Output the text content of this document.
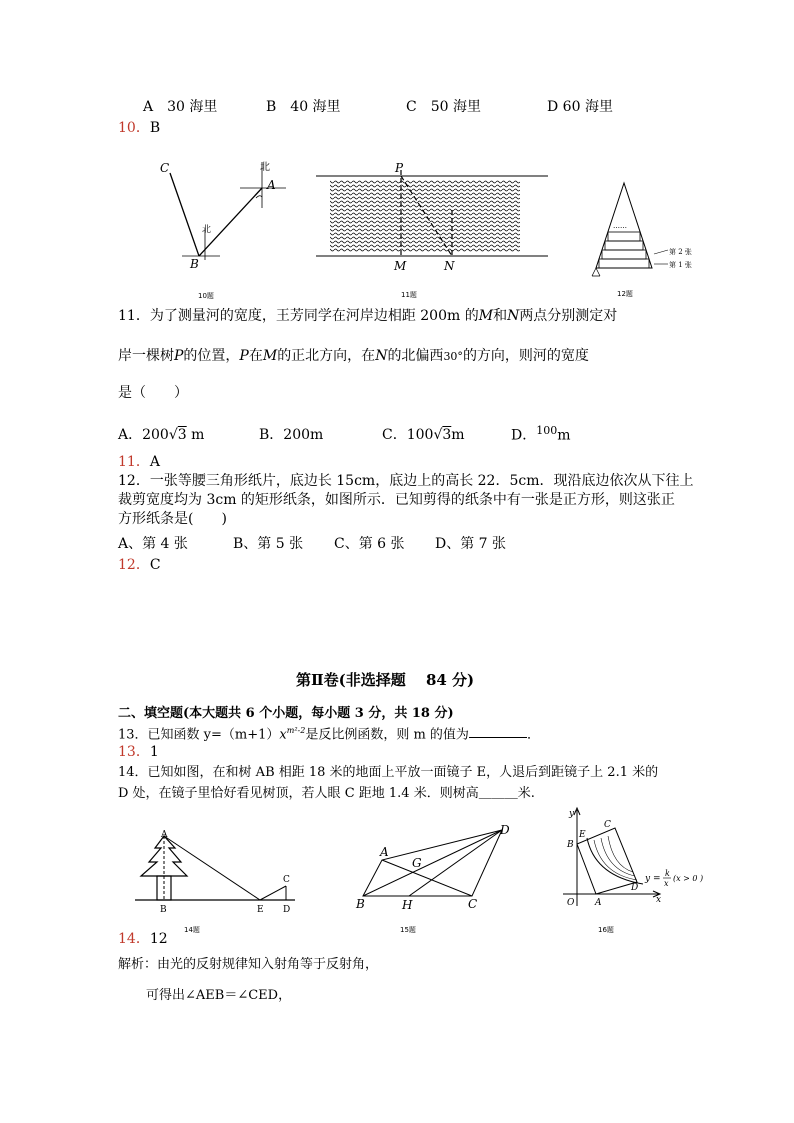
A　30 海里	B　40 海里	C　50 海里	D 60 海里
10．B
C
B
A
北
北
10题
P
M	N
11题
……
第 2 张
第 1 张
12题
11．为了测量河的宽度，王芳同学在河岸边相距 200m 的M和N两点分别测定对
岸一棵树P的位置，P在M的正北方向，在N的北偏西30°的方向，则河的宽度
是（　　）
A．200√3 m	B．200m	C．100√3m	D．$^{100}$m
11．A
12．一张等腰三角形纸片，底边长 15cm，底边上的高长 22．5cm．现沿底边依次从下往上
裁剪宽度均为 3cm 的矩形纸条，如图所示．已知剪得的纸条中有一张是正方形，则这张正
方形纸条是(　　)
A、第 4 张	B、第 5 张 C、第 6 张 D、第 7 张
12．C
第Ⅱ卷(非选择题　 84 分)
二、填空题(本大题共 6 个小题，每小题 3 分，共 18 分)
13．已知函数 $y=(m+1)x^{m^2-2}$是反比例函数，则 m 的值为	．
13．1
14．已知如图，在和树 AB 相距 18 米的地面上平放一面镜子 E，人退后到距镜子上 2.1 米的
D 处，在镜子里恰好看见树顶，若人眼 C 距地 1.4 米．则树高＿＿＿米.
A
B
C
D
E
14题
A
B	C
D
G
H
15题
y
x
O A
B
C
D
E
y =
k
x
(x > 0 )
16题
14．12
解析：由光的反射规律知入射角等于反射角，
可得出∠AEB＝∠CED，
